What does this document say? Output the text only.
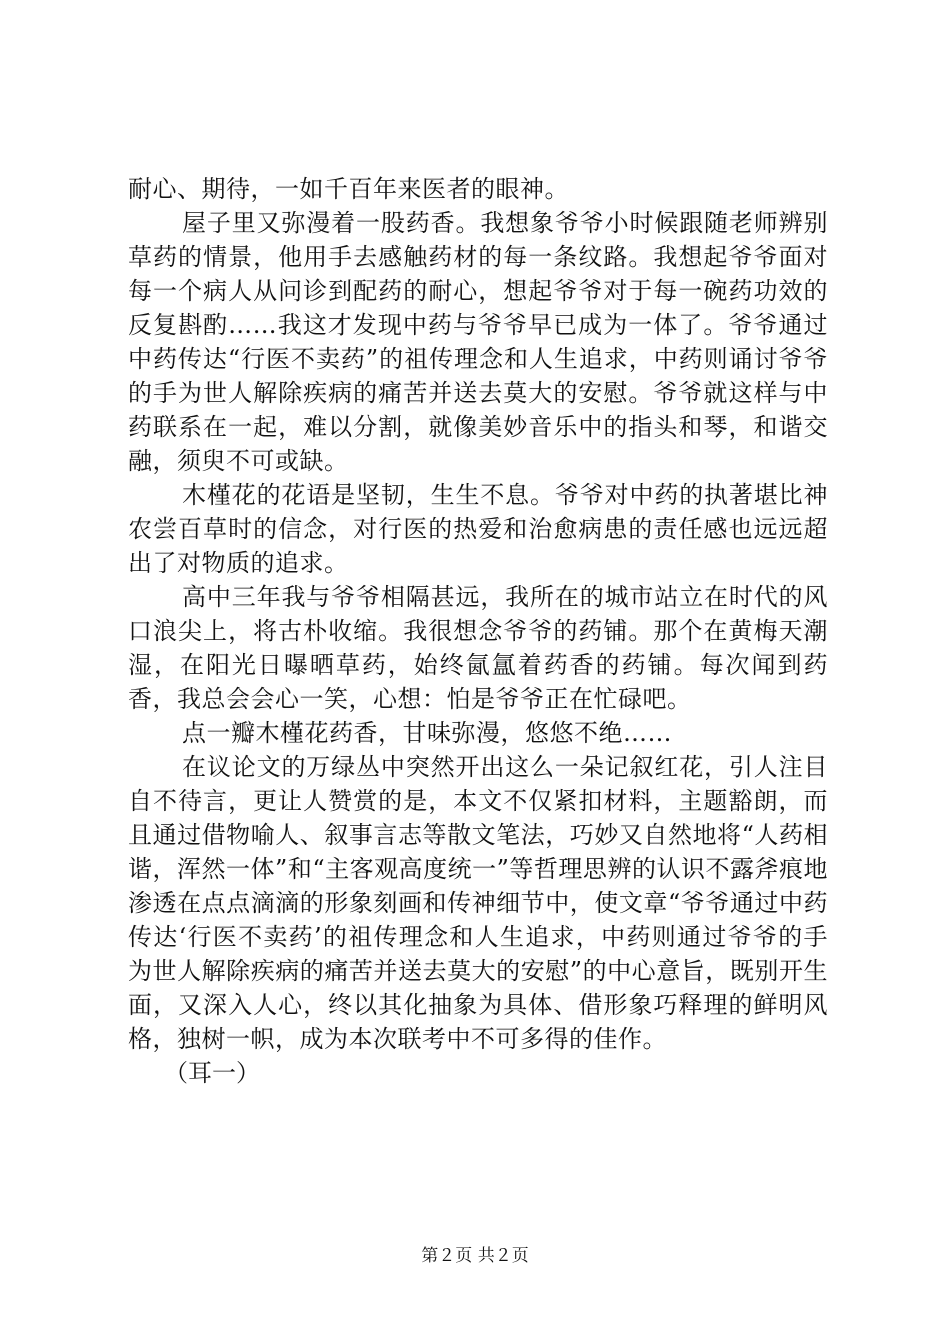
耐心、期待，一如千百年来医者的眼神。

屋子里又弥漫着一股药香。我想象爷爷小时候跟随老师辨别草药的情景，他用手去感触药材的每一条纹路。我想起爷爷面对每一个病人从问诊到配药的耐心，想起爷爷对于每一碗药功效的反复斟酌……我这才发现中药与爷爷早已成为一体了。爷爷通过中药传达“行医不卖药”的祖传理念和人生追求，中药则诵讨爷爷的手为世人解除疾病的痛苦并送去莫大的安慰。爷爷就这样与中药联系在一起，难以分割，就像美妙音乐中的指头和琴，和谐交融，须臾不可或缺。

木槿花的花语是坚韧，生生不息。爷爷对中药的执著堪比神农尝百草时的信念，对行医的热爱和治愈病患的责任感也远远超出了对物质的追求。

高中三年我与爷爷相隔甚远，我所在的城市站立在时代的风口浪尖上，将古朴收缩。我很想念爷爷的药铺。那个在黄梅天潮湿，在阳光日曝晒草药，始终氤氲着药香的药铺。每次闻到药香，我总会会心一笑，心想：怕是爷爷正在忙碌吧。

点一瓣木槿花药香，甘味弥漫，悠悠不绝……

在议论文的万绿丛中突然开出这么一朵记叙红花，引人注目自不待言，更让人赞赏的是，本文不仅紧扣材料，主题豁朗，而且通过借物喻人、叙事言志等散文笔法，巧妙又自然地将“人药相谐，浑然一体”和“主客观高度统一”等哲理思辨的认识不露斧痕地渗透在点点滴滴的形象刻画和传神细节中，使文章“爷爷通过中药传达‘行医不卖药’的祖传理念和人生追求，中药则通过爷爷的手为世人解除疾病的痛苦并送去莫大的安慰”的中心意旨，既别开生面，又深入人心，终以其化抽象为具体、借形象巧释理的鲜明风格，独树一帜，成为本次联考中不可多得的佳作。

（耳一）

第２页 共２页
